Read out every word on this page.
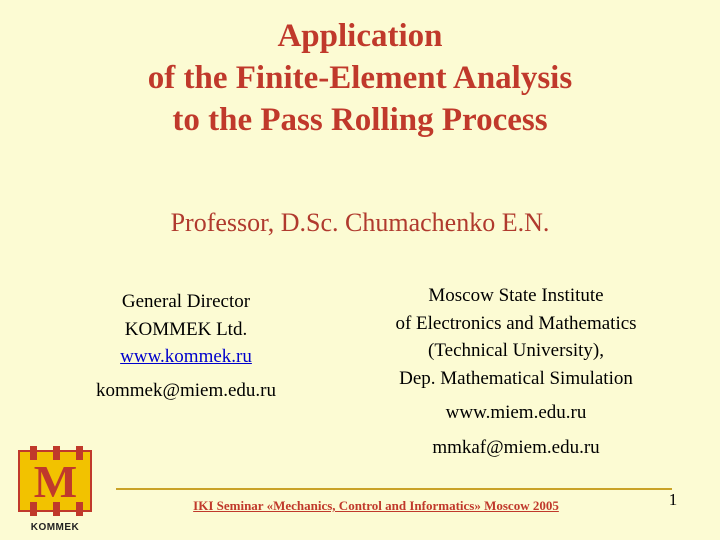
Application
of the Finite-Element Analysis
to the Pass Rolling Process
Professor, D.Sc. Chumachenko E.N.
General Director
KOMMEK Ltd.
www.kommek.ru
kommek@miem.edu.ru
Moscow State Institute
of Electronics and Mathematics
(Technical University),
Dep. Mathematical Simulation
www.miem.edu.ru
mmkaf@miem.edu.ru
M
KOMMEK
IKI Seminar «Mechanics, Control and Informatics» Moscow 2005	1
